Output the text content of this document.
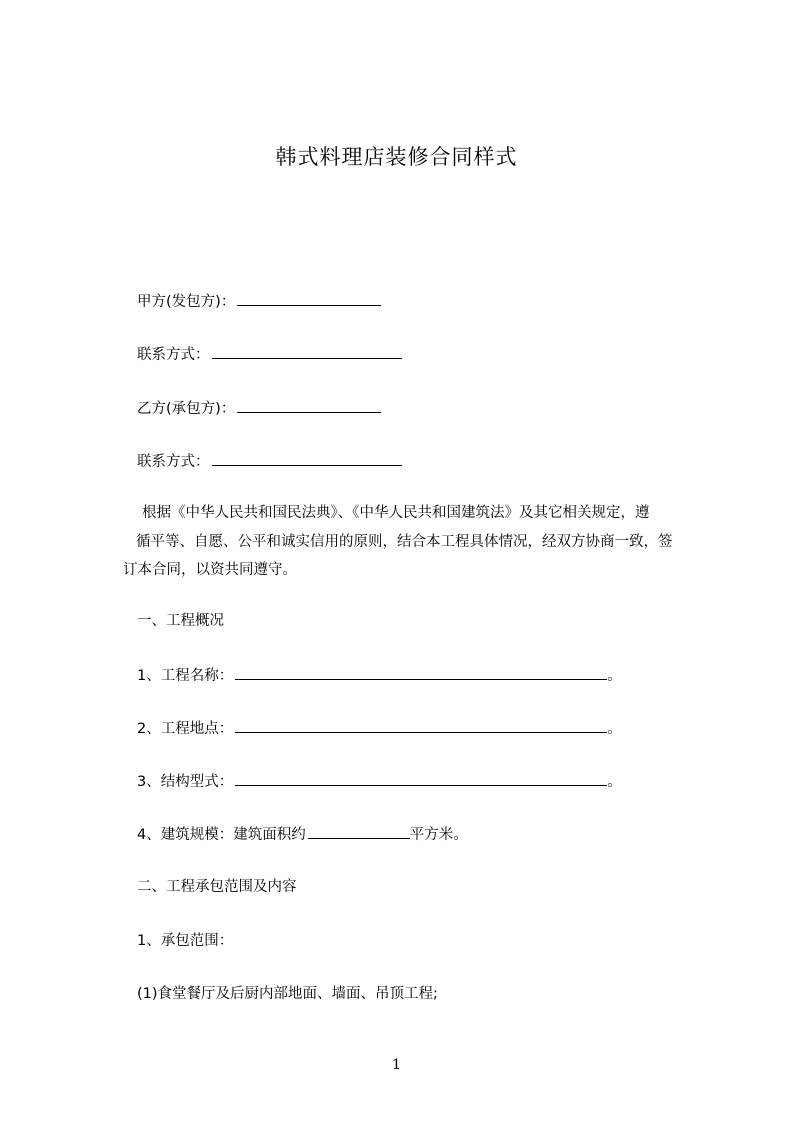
韩式料理店装修合同样式
甲方(发包方)：
联系方式：
乙方(承包方)：
联系方式：
根据《中华人民共和国民法典》、《中华人民共和国建筑法》及其它相关规定，遵
循平等、自愿、公平和诚实信用的原则，结合本工程具体情况，经双方协商一致，签
订本合同，以资共同遵守。
一、工程概况
1、工程名称：	。
2、工程地点：	。
3、结构型式：	。
4、建筑规模：建筑面积约	平方米。
二、工程承包范围及内容
1、承包范围：
(1)食堂餐厅及后厨内部地面、墙面、吊顶工程;
1
